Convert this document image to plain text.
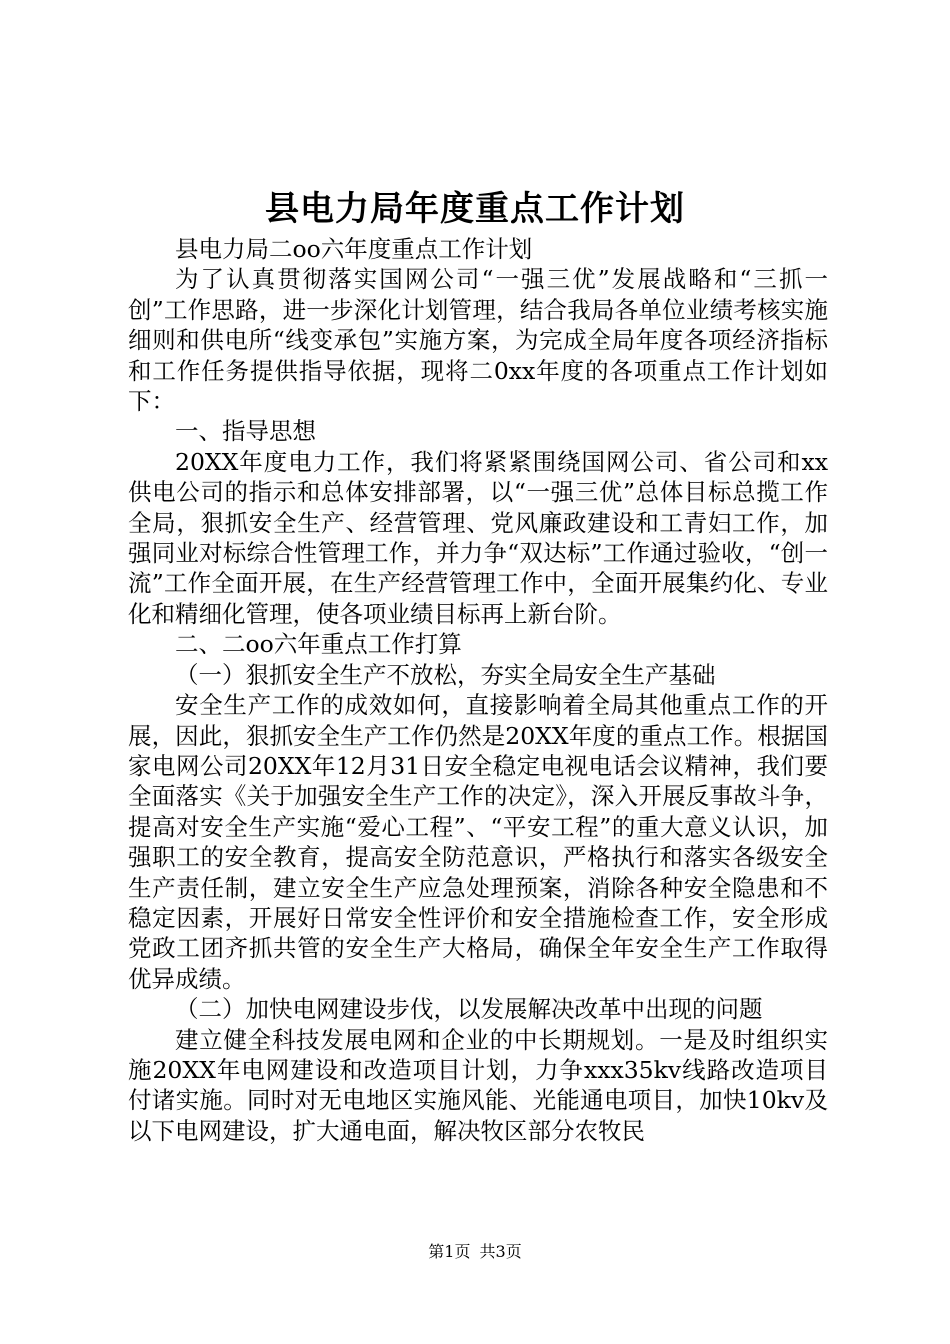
县电力局年度重点工作计划

县电力局二oo六年度重点工作计划

为了认真贯彻落实国网公司“一强三优”发展战略和“三抓一创”工作思路，进一步深化计划管理，结合我局各单位业绩考核实施细则和供电所“线变承包”实施方案，为完成全局年度各项经济指标和工作任务提供指导依据，现将二0xx年度的各项重点工作计划如下：

一、指导思想

20XX年度电力工作，我们将紧紧围绕国网公司、省公司和xx供电公司的指示和总体安排部署，以“一强三优”总体目标总揽工作全局，狠抓安全生产、经营管理、党风廉政建设和工青妇工作，加强同业对标综合性管理工作，并力争“双达标”工作通过验收，“创一流”工作全面开展，在生产经营管理工作中，全面开展集约化、专业化和精细化管理，使各项业绩目标再上新台阶。

二、二oo六年重点工作打算

（一）狠抓安全生产不放松，夯实全局安全生产基础

安全生产工作的成效如何，直接影响着全局其他重点工作的开展，因此，狠抓安全生产工作仍然是20XX年度的重点工作。根据国家电网公司20XX年12月31日安全稳定电视电话会议精神，我们要全面落实《关于加强安全生产工作的决定》，深入开展反事故斗争，提高对安全生产实施“爱心工程”、“平安工程”的重大意义认识，加强职工的安全教育，提高安全防范意识，严格执行和落实各级安全生产责任制，建立安全生产应急处理预案，消除各种安全隐患和不稳定因素，开展好日常安全性评价和安全措施检查工作，安全形成党政工团齐抓共管的安全生产大格局，确保全年安全生产工作取得优异成绩。

（二）加快电网建设步伐，以发展解决改革中出现的问题

建立健全科技发展电网和企业的中长期规划。一是及时组织实施20XX年电网建设和改造项目计划，力争xxx35kv线路改造项目付诸实施。同时对无电地区实施风能、光能通电项目，加快10kv及以下电网建设，扩大通电面，解决牧区部分农牧民

第1页 共3页
